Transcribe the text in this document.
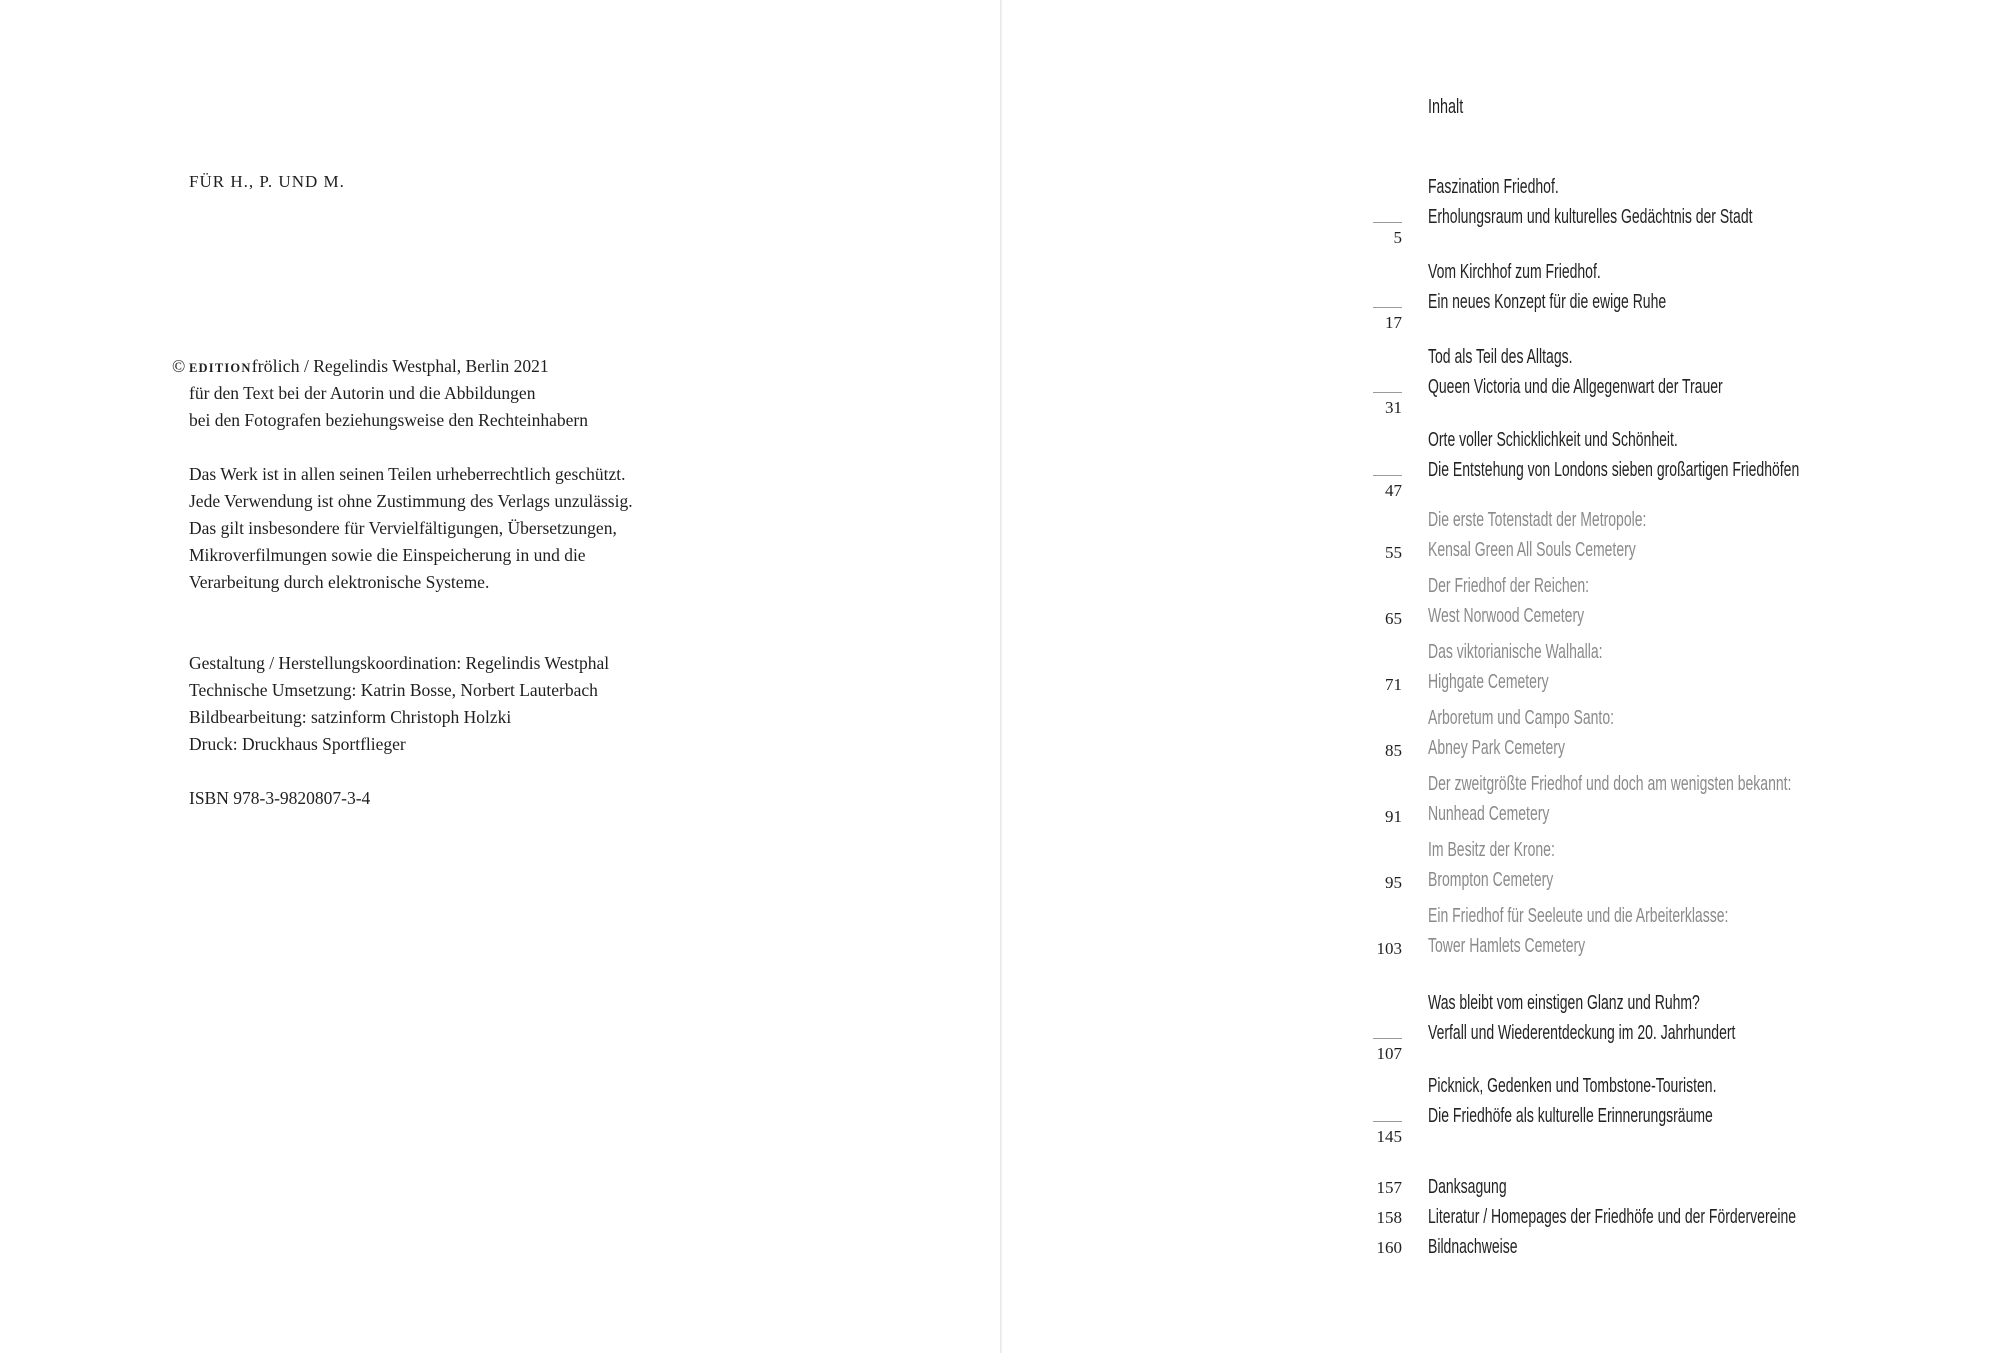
FÜR H., P. UND M.
© EDITIONfrölich / Regelindis Westphal, Berlin 2021
für den Text bei der Autorin und die Abbildungen
bei den Fotografen beziehungsweise den Rechteinhabern
Das Werk ist in allen seinen Teilen urheberrechtlich geschützt.
Jede Verwendung ist ohne Zustimmung des Verlags unzulässig.
Das gilt insbesondere für Vervielfältigungen, Übersetzungen,
Mikroverfilmungen sowie die Einspeicherung in und die
Verarbeitung durch elektronische Systeme.
Gestaltung / Herstellungskoordination: Regelindis Westphal
Technische Umsetzung: Katrin Bosse, Norbert Lauterbach
Bildbearbeitung: satzinform Christoph Holzki
Druck: Druckhaus Sportflieger
ISBN 978-3-9820807-3-4
Inhalt
Faszination Friedhof.
Erholungsraum und kulturelles Gedächtnis der Stadt
5
Vom Kirchhof zum Friedhof.
Ein neues Konzept für die ewige Ruhe
17
Tod als Teil des Alltags.
Queen Victoria und die Allgegenwart der Trauer
31
Orte voller Schicklichkeit und Schönheit.
Die Entstehung von Londons sieben großartigen Friedhöfen
47
Die erste Totenstadt der Metropole:
Kensal Green All Souls Cemetery
55
Der Friedhof der Reichen:
West Norwood Cemetery
65
Das viktorianische Walhalla:
Highgate Cemetery
71
Arboretum und Campo Santo:
Abney Park Cemetery
85
Der zweitgrößte Friedhof und doch am wenigsten bekannt:
Nunhead Cemetery
91
Im Besitz der Krone:
Brompton Cemetery
95
Ein Friedhof für Seeleute und die Arbeiterklasse:
Tower Hamlets Cemetery
103
Was bleibt vom einstigen Glanz und Ruhm?
Verfall und Wiederentdeckung im 20. Jahrhundert
107
Picknick, Gedenken und Tombstone-Touristen.
Die Friedhöfe als kulturelle Erinnerungsräume
145
Danksagung
157
Literatur / Homepages der Friedhöfe und der Fördervereine
158
Bildnachweise
160
